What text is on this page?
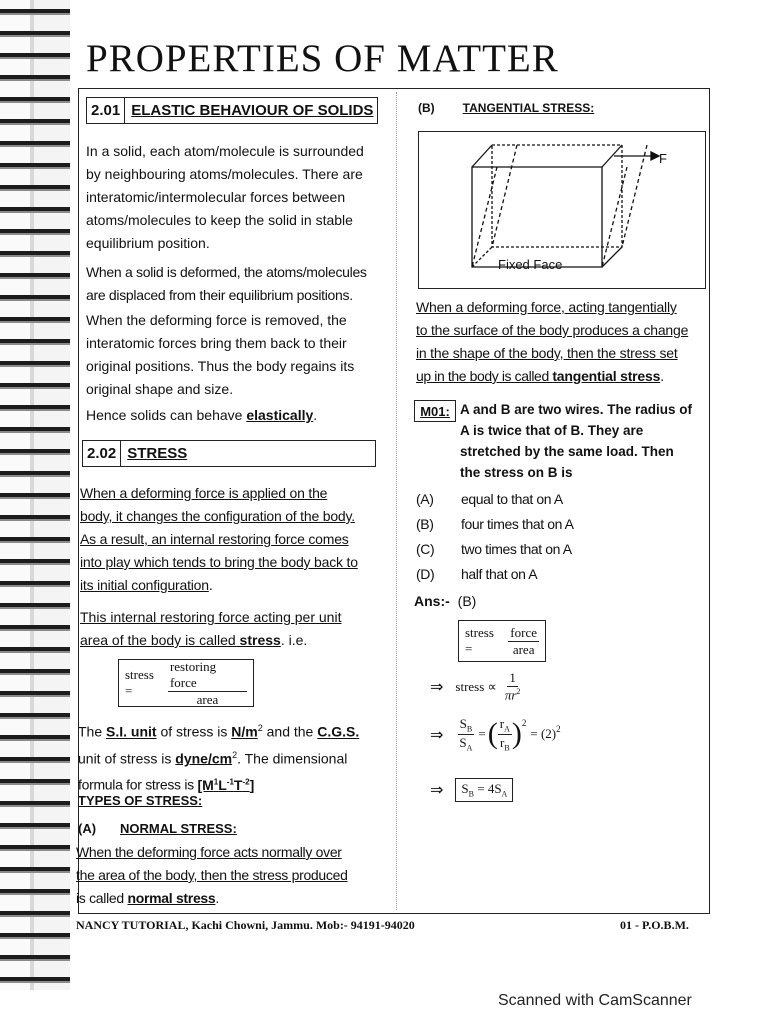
PROPERTIES OF MATTER
2.01 ELASTIC BEHAVIOUR OF SOLIDS
In a solid, each atom/molecule is surrounded
by neighbouring atoms/molecules. There are
interatomic/intermolecular forces between
atoms/molecules to keep the solid in stable
equilibrium position.
When a solid is deformed, the atoms/molecules
are displaced from their equilibrium positions.
When the deforming force is removed, the
interatomic forces bring them back to their
original positions. Thus the body regains its
original shape and size.
Hence solids can behave elastically.
2.02 STRESS
When a deforming force is applied on the
body, it changes the configuration of the body.
As a result, an internal restoring force comes
into play which tends to bring the body back to
its initial configuration.
This internal restoring force acting per unit
area of the body is called stress. i.e.
stress =	$\frac{\text{restoring force}}{\text{area}}$
The S.I. unit of stress is $N/m^2$ and the C.G.S.
unit of stress is dyne/$cm^2$. The dimensional
formula for stress is $[M^1L^{-1}T^{-2}]$
TYPES OF STRESS:
(A) NORMAL STRESS:
When the deforming force acts normally over
the area of the body, then the stress produced
is called normal stress.
(B) TANGENTIAL STRESS:
F
Fixed Face
When a deforming force, acting tangentially
to the surface of the body produces a change
in the shape of the body, then the stress set
up in the body is called tangential stress.
M01: A and B are two wires. The radius of
A is twice that of B. They are
stretched by the same load. Then
the stress on B is
(A)	equal to that on A
(B)	four times that on A
(C)	two times that on A
(D)	half that on A
Ans:- (B)
stress =	$\frac{\text{force}}{\text{area}}$
⇒ stress ∝ $\frac{1}{\pi r^2}$
⇒ $\frac{S_B}{S_A}$ = ( $\frac{r_A}{r_B} )^2$
= $(2)^2$
⇒	$S_B = 4S_A$
NANCY TUTORIAL, Kachi Chowni, Jammu. Mob:- 94191-94020	01 - P.O.B.M.
Scanned with CamScanner
